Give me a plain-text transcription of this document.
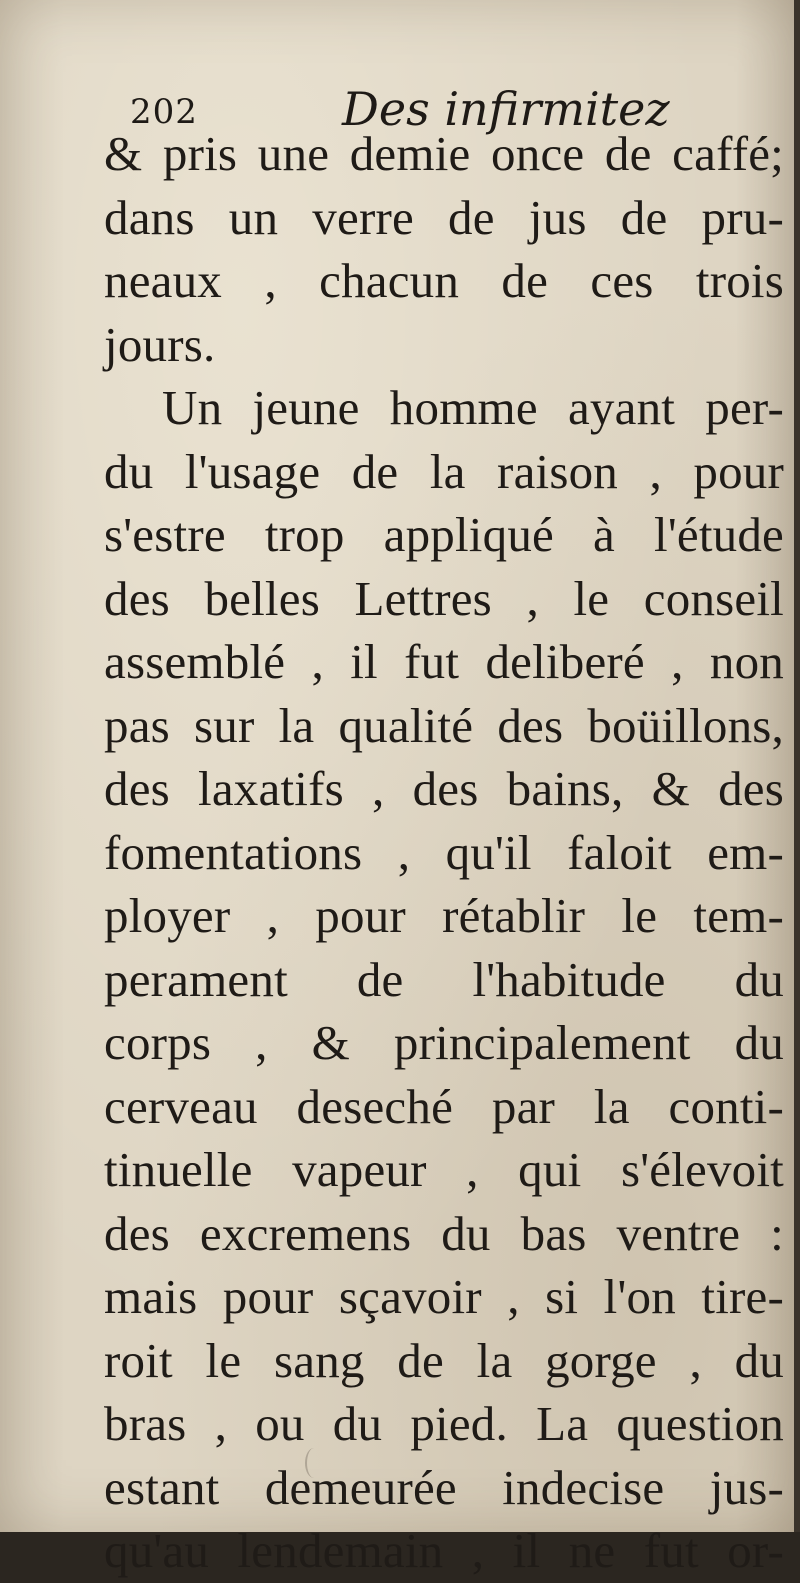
202	Des infirmitez
& pris une demie once de caffé;
dans un verre de jus de pru-
neaux , chacun de ces trois
jours.
Un jeune homme ayant per-
du l'usage de la raison , pour
s'estre trop appliqué à l'étude
des belles Lettres , le conseil
assemblé , il fut deliberé , non
pas sur la qualité des boüillons,
des laxatifs , des bains, & des
fomentations , qu'il faloit em-
ployer , pour rétablir le tem-
perament de l'habitude du
corps , & principalement du
cerveau deseché par la conti-
tinuelle vapeur , qui s'élevoit
des excremens du bas ventre :
mais pour sçavoir , si l'on tire-
roit le sang de la gorge , du
bras , ou du pied. La question
estant demeurée indecise jus-
qu'au lendemain , il ne fut or-
